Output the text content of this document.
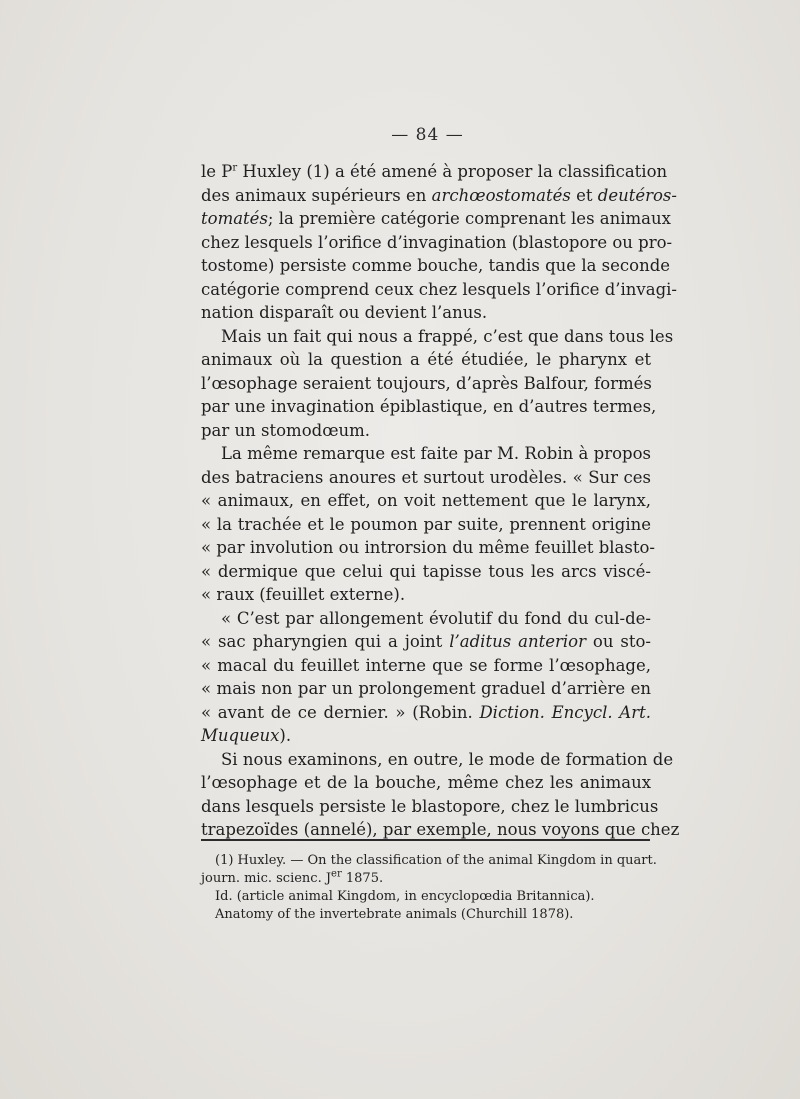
— 84 —
le $P^r$ Huxley (1) a été amené à proposer la classification
des animaux supérieurs en archœostomatés et deutéros-
tomatés; la première catégorie comprenant les animaux
chez lesquels l’orifice d’invagination (blastopore ou pro-
tostome) persiste comme bouche, tandis que la seconde
catégorie comprend ceux chez lesquels l’orifice d’invagi-
nation disparaît ou devient l’anus.
Mais un fait qui nous a frappé, c’est que dans tous les
animaux où la question a été étudiée, le pharynx et
l’œsophage seraient toujours, d’après Balfour, formés
par une invagination épiblastique, en d’autres termes,
par un stomodœum.
La même remarque est faite par M. Robin à propos
des batraciens anoures et surtout urodèles. « Sur ces
« animaux, en effet, on voit nettement que le larynx,
« la trachée et le poumon par suite, prennent origine
« par involution ou introrsion du même feuillet blasto-
« dermique que celui qui tapisse tous les arcs viscé-
« raux (feuillet externe).
« C’est par allongement évolutif du fond du cul-de-
« sac pharyngien qui a joint l’aditus anterior ou sto-
« macal du feuillet interne que se forme l’œsophage,
« mais non par un prolongement graduel d’arrière en
« avant de ce dernier. » (Robin. Diction. Encycl. Art.
Muqueux).
Si nous examinons, en outre, le mode de formation de
l’œsophage et de la bouche, même chez les animaux
dans lesquels persiste le blastopore, chez le lumbricus
trapezoïdes (annelé), par exemple, nous voyons que chez
(1) Huxley. — On the classification of the animal Kingdom in quart.
journ. mic. scienc. $J^{er}$ 1875.
Id. (article animal Kingdom, in encyclopœdia Britannica).
Anatomy of the invertebrate animals (Churchill 1878).
